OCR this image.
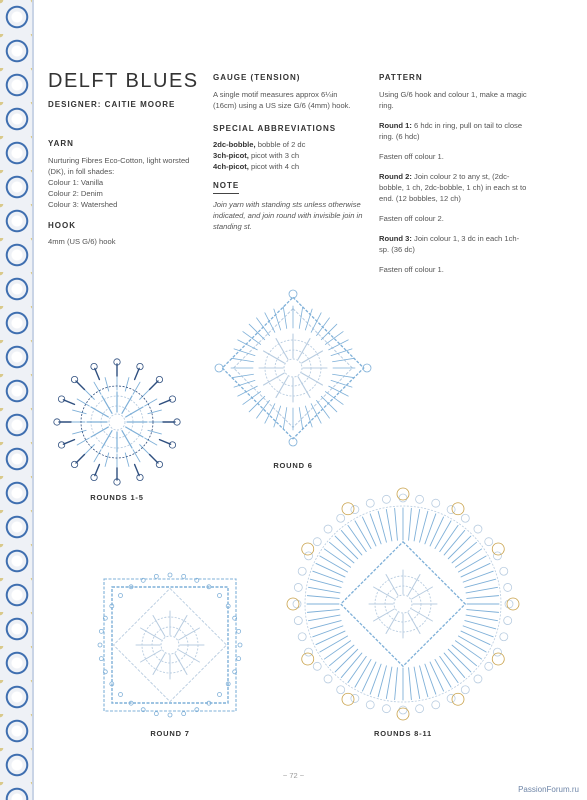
DELFT BLUES
DESIGNER: CAITIE MOORE
YARN

Nurturing Fibres Eco-Cotton, light worsted (DK), in foll shades:

Colour 1: Vanilla
Colour 2: Denim
Colour 3: Watershed
HOOK

4mm (US G/6) hook

GAUGE (TENSION)

A single motif measures approx 6¼in (16cm) using a US size G/6 (4mm) hook.

SPECIAL ABBREVIATIONS
2dc-bobble, bobble of 2 dc
3ch-picot, picot with 3 ch
4ch-picot, picot with 4 ch
NOTE
Join yarn with standing sts unless otherwise indicated, and join round with invisible join in standing st.
PATTERN

Using G/6 hook and colour 1, make a magic ring.

Round 1: 6 hdc in ring, pull on tail to close ring. (6 hdc)

Fasten off colour 1.

Round 2: Join colour 2 to any st, (2dc-bobble, 1 ch, 2dc-bobble, 1 ch) in each st to end. (12 bobbles, 12 ch)

Fasten off colour 2.

Round 3: Join colour 1, 3 dc in each 1ch-sp. (36 dc)

Fasten off colour 1.

ROUNDS 1-5
ROUND 6
ROUND 7	ROUNDS 8-11
~ 72 ~
PassionForum.ru
